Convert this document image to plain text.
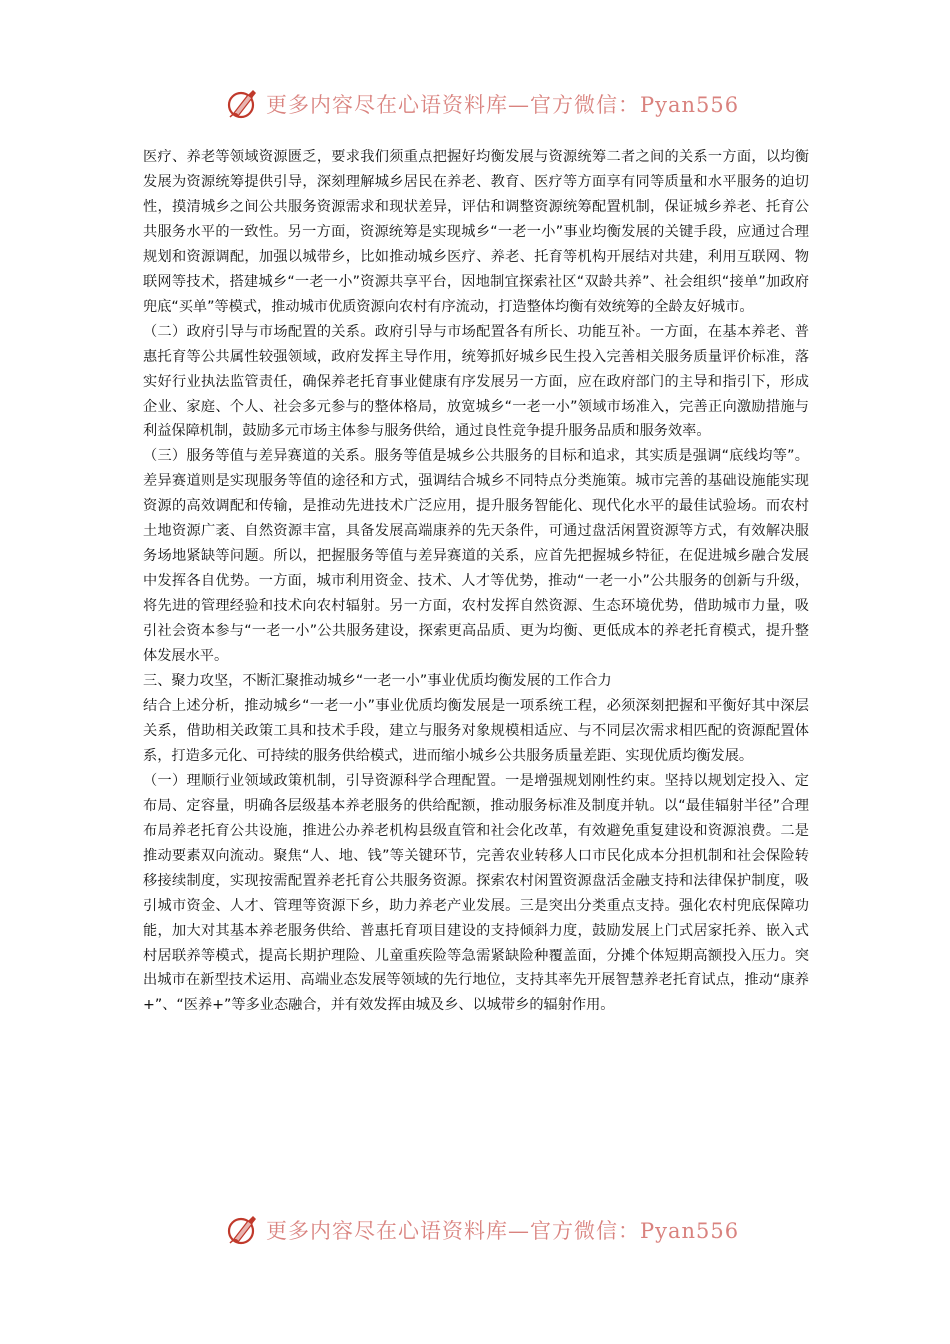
更多内容尽在心语资料库—官方微信：Pyan556

医疗、养老等领域资源匮乏，要求我们须重点把握好均衡发展与资源统筹二者之间的关系一方面，以均衡发展为资源统筹提供引导，深刻理解城乡居民在养老、教育、医疗等方面享有同等质量和水平服务的迫切性，摸清城乡之间公共服务资源需求和现状差异，评估和调整资源统筹配置机制，保证城乡养老、托育公共服务水平的一致性。另一方面，资源统筹是实现城乡“一老一小”事业均衡发展的关键手段，应通过合理规划和资源调配，加强以城带乡，比如推动城乡医疗、养老、托育等机构开展结对共建，利用互联网、物联网等技术，搭建城乡“一老一小”资源共享平台，因地制宜探索社区“双龄共养”、社会组织“接单”加政府兜底“买单”等模式，推动城市优质资源向农村有序流动，打造整体均衡有效统筹的全龄友好城市。

（二）政府引导与市场配置的关系。政府引导与市场配置各有所长、功能互补。一方面，在基本养老、普惠托育等公共属性较强领域，政府发挥主导作用，统筹抓好城乡民生投入完善相关服务质量评价标准，落实好行业执法监管责任，确保养老托育事业健康有序发展另一方面，应在政府部门的主导和指引下，形成企业、家庭、个人、社会多元参与的整体格局，放宽城乡“一老一小”领域市场准入，完善正向激励措施与利益保障机制，鼓励多元市场主体参与服务供给，通过良性竞争提升服务品质和服务效率。

（三）服务等值与差异赛道的关系。服务等值是城乡公共服务的目标和追求，其实质是强调“底线均等”。差异赛道则是实现服务等值的途径和方式，强调结合城乡不同特点分类施策。城市完善的基础设施能实现资源的高效调配和传输，是推动先进技术广泛应用，提升服务智能化、现代化水平的最佳试验场。而农村土地资源广袤、自然资源丰富，具备发展高端康养的先天条件，可通过盘活闲置资源等方式，有效解决服务场地紧缺等问题。所以，把握服务等值与差异赛道的关系，应首先把握城乡特征，在促进城乡融合发展中发挥各自优势。一方面，城市利用资金、技术、人才等优势，推动“一老一小”公共服务的创新与升级，将先进的管理经验和技术向农村辐射。另一方面，农村发挥自然资源、生态环境优势，借助城市力量，吸引社会资本参与“一老一小”公共服务建设，探索更高品质、更为均衡、更低成本的养老托育模式，提升整体发展水平。

三、聚力攻坚，不断汇聚推动城乡“一老一小”事业优质均衡发展的工作合力

结合上述分析，推动城乡“一老一小”事业优质均衡发展是一项系统工程，必须深刻把握和平衡好其中深层关系，借助相关政策工具和技术手段，建立与服务对象规模相适应、与不同层次需求相匹配的资源配置体系，打造多元化、可持续的服务供给模式，进而缩小城乡公共服务质量差距、实现优质均衡发展。

（一）理顺行业领域政策机制，引导资源科学合理配置。一是增强规划刚性约束。坚持以规划定投入、定布局、定容量，明确各层级基本养老服务的供给配额，推动服务标准及制度并轨。以“最佳辐射半径”合理布局养老托育公共设施，推进公办养老机构县级直管和社会化改革，有效避免重复建设和资源浪费。二是推动要素双向流动。聚焦“人、地、钱”等关键环节，完善农业转移人口市民化成本分担机制和社会保险转移接续制度，实现按需配置养老托育公共服务资源。探索农村闲置资源盘活金融支持和法律保护制度，吸引城市资金、人才、管理等资源下乡，助力养老产业发展。三是突出分类重点支持。强化农村兜底保障功能，加大对其基本养老服务供给、普惠托育项目建设的支持倾斜力度，鼓励发展上门式居家托养、嵌入式村居联养等模式，提高长期护理险、儿童重疾险等急需紧缺险种覆盖面，分摊个体短期高额投入压力。突出城市在新型技术运用、高端业态发展等领域的先行地位，支持其率先开展智慧养老托育试点，推动“康养+”、“医养+”等多业态融合，并有效发挥由城及乡、以城带乡的辐射作用。

更多内容尽在心语资料库—官方微信：Pyan556
